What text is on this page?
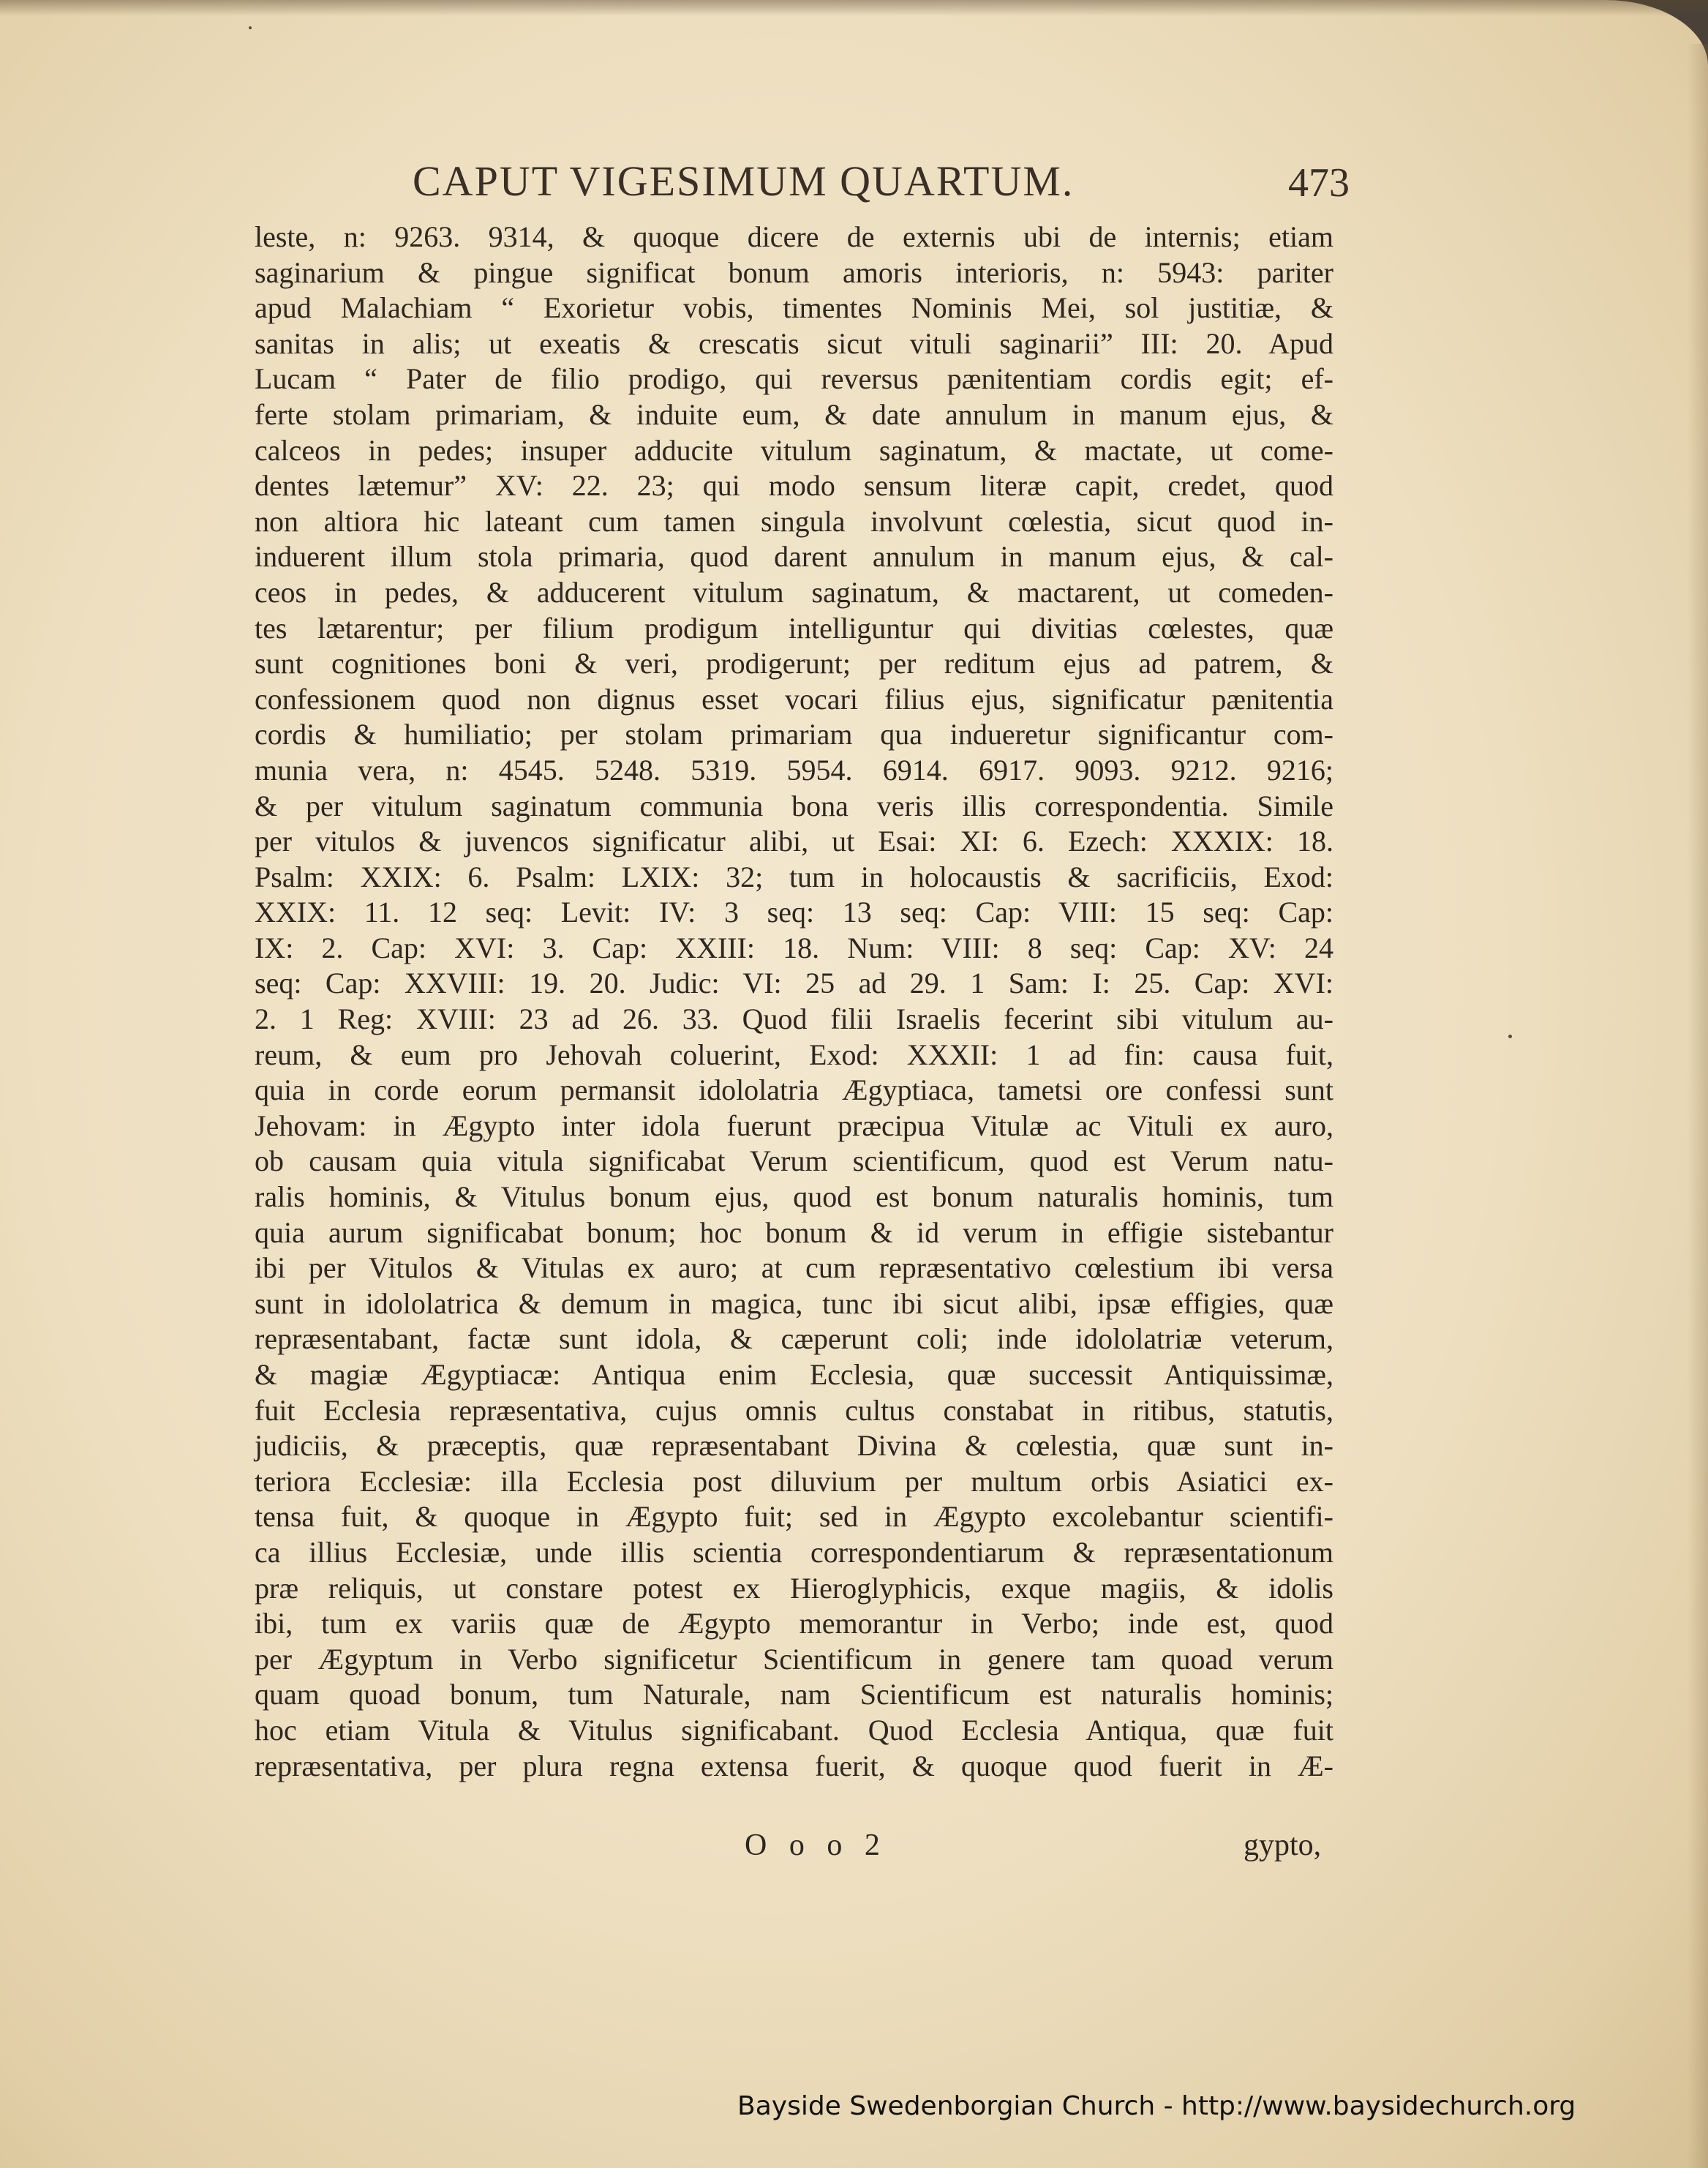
CAPUT VIGESIMUM QUARTUM.	473
leste, n: 9263. 9314, & quoque dicere de externis ubi de internis; etiam
saginarium & pingue significat bonum amoris interioris, n: 5943: pariter
apud Malachiam “ Exorietur vobis, timentes Nominis Mei, sol justitiæ, &
sanitas in alis; ut exeatis & crescatis sicut vituli saginarii” III: 20. Apud
Lucam “ Pater de filio prodigo, qui reversus pænitentiam cordis egit; ef-
ferte stolam primariam, & induite eum, & date annulum in manum ejus, &
calceos in pedes; insuper adducite vitulum saginatum, & mactate, ut come-
dentes lætemur” XV: 22. 23; qui modo sensum literæ capit, credet, quod
non altiora hic lateant cum tamen singula involvunt cœlestia, sicut quod in-
induerent illum stola primaria, quod darent annulum in manum ejus, & cal-
ceos in pedes, & adducerent vitulum saginatum, & mactarent, ut comeden-
tes lætarentur; per filium prodigum intelliguntur qui divitias cœlestes, quæ
sunt cognitiones boni & veri, prodigerunt; per reditum ejus ad patrem, &
confessionem quod non dignus esset vocari filius ejus, significatur pænitentia
cordis & humiliatio; per stolam primariam qua indueretur significantur com-
munia vera, n: 4545. 5248. 5319. 5954. 6914. 6917. 9093. 9212. 9216;
& per vitulum saginatum communia bona veris illis correspondentia. Simile
per vitulos & juvencos significatur alibi, ut Esai: XI: 6. Ezech: XXXIX: 18.
Psalm: XXIX: 6. Psalm: LXIX: 32; tum in holocaustis & sacrificiis, Exod:
XXIX: 11. 12 seq: Levit: IV: 3 seq: 13 seq: Cap: VIII: 15 seq: Cap:
IX: 2. Cap: XVI: 3. Cap: XXIII: 18. Num: VIII: 8 seq: Cap: XV: 24
seq: Cap: XXVIII: 19. 20. Judic: VI: 25 ad 29. 1 Sam: I: 25. Cap: XVI:
2. 1 Reg: XVIII: 23 ad 26. 33. Quod filii Israelis fecerint sibi vitulum au-
reum, & eum pro Jehovah coluerint, Exod: XXXII: 1 ad fin: causa fuit,
quia in corde eorum permansit idololatria Ægyptiaca, tametsi ore confessi sunt
Jehovam: in Ægypto inter idola fuerunt præcipua Vitulæ ac Vituli ex auro,
ob causam quia vitula significabat Verum scientificum, quod est Verum natu-
ralis hominis, & Vitulus bonum ejus, quod est bonum naturalis hominis, tum
quia aurum significabat bonum; hoc bonum & id verum in effigie sistebantur
ibi per Vitulos & Vitulas ex auro; at cum repræsentativo cœlestium ibi versa
sunt in idololatrica & demum in magica, tunc ibi sicut alibi, ipsæ effigies, quæ
repræsentabant, factæ sunt idola, & cæperunt coli; inde idololatriæ veterum,
& magiæ Ægyptiacæ: Antiqua enim Ecclesia, quæ successit Antiquissimæ,
fuit Ecclesia repræsentativa, cujus omnis cultus constabat in ritibus, statutis,
judiciis, & præceptis, quæ repræsentabant Divina & cœlestia, quæ sunt in-
teriora Ecclesiæ: illa Ecclesia post diluvium per multum orbis Asiatici ex-
tensa fuit, & quoque in Ægypto fuit; sed in Ægypto excolebantur scientifi-
ca illius Ecclesiæ, unde illis scientia correspondentiarum & repræsentationum
præ reliquis, ut constare potest ex Hieroglyphicis, exque magiis, & idolis
ibi, tum ex variis quæ de Ægypto memorantur in Verbo; inde est, quod
per Ægyptum in Verbo significetur Scientificum in genere tam quoad verum
quam quoad bonum, tum Naturale, nam Scientificum est naturalis hominis;
hoc etiam Vitula & Vitulus significabant. Quod Ecclesia Antiqua, quæ fuit
repræsentativa, per plura regna extensa fuerit, & quoque quod fuerit in Æ-
O o o 2	gypto,
Bayside Swedenborgian Church - http://www.baysidechurch.org
